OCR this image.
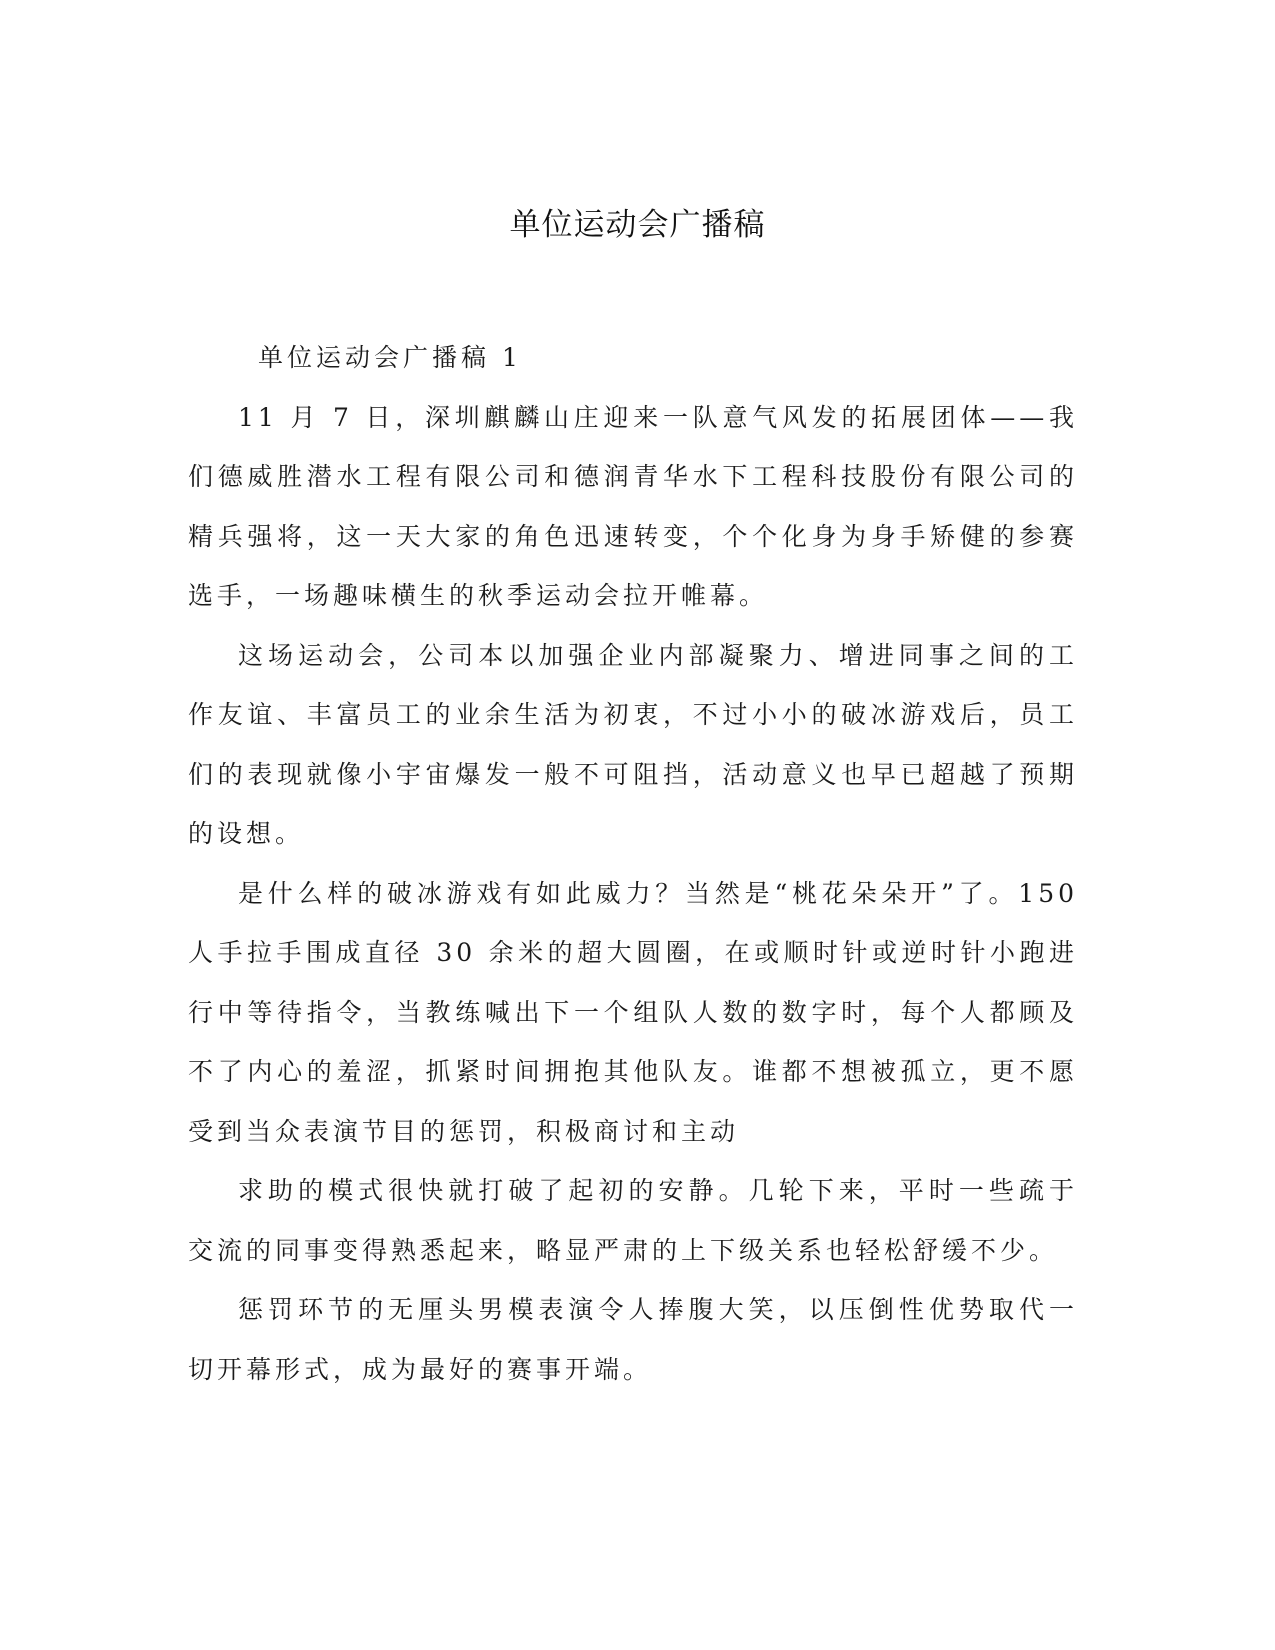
单位运动会广播稿

单位运动会广播稿 1

11 月 7 日，深圳麒麟山庄迎来一队意气风发的拓展团体——我们德威胜潜水工程有限公司和德润青华水下工程科技股份有限公司的精兵强将，这一天大家的角色迅速转变，个个化身为身手矫健的参赛选手，一场趣味横生的秋季运动会拉开帷幕。

这场运动会，公司本以加强企业内部凝聚力、增进同事之间的工作友谊、丰富员工的业余生活为初衷，不过小小的破冰游戏后，员工们的表现就像小宇宙爆发一般不可阻挡，活动意义也早已超越了预期的设想。

是什么样的破冰游戏有如此威力？当然是“桃花朵朵开”了。150 人手拉手围成直径 30 余米的超大圆圈，在或顺时针或逆时针小跑进行中等待指令，当教练喊出下一个组队人数的数字时，每个人都顾及不了内心的羞涩，抓紧时间拥抱其他队友。谁都不想被孤立，更不愿受到当众表演节目的惩罚，积极商讨和主动

求助的模式很快就打破了起初的安静。几轮下来，平时一些疏于交流的同事变得熟悉起来，略显严肃的上下级关系也轻松舒缓不少。

惩罚环节的无厘头男模表演令人捧腹大笑，以压倒性优势取代一切开幕形式，成为最好的赛事开端。
